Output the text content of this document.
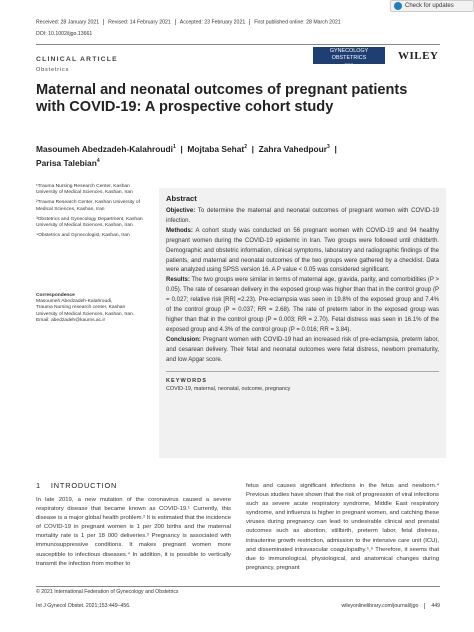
Received: 28 January 2021 Revised: 14 February 2021 Accepted: 23 February 2021 First published online: 28 March 2021
DOI: 10.1002/ijgo.13661
Check for updates
CLINICAL ARTICLE
Obstetrics
GYNECOLOGY
OBSTETRICS
FIGO
WILEY
Maternal and neonatal outcomes of pregnant patients with COVID-19: A prospective cohort study
Masoumeh Abedzadeh-Kalahroudi$^1$  |  Mojtaba Sehat$^2$  |  Zahra Vahedpour$^3$  |
Parisa Talebian$^4$

¹Trauma Nursing Research Center, Kashan University of Medical Sciences, Kashan, Iran

²Trauma Research Center, Kashan University of Medical Sciences, Kashan, Iran

³Obstetrics and Gynecology Department, Kashan University of Medical Sciences, Kashan, Iran

⁴Obstetrics and Gynecologist, Kashan, Iran

Correspondence
Masoumeh Abedzadeh-Kalahroudi,
Trauma Nursing research center, Kashan University of Medical Sciences, Kashan, Iran.
Email: abedzadeh@kaums.ac.ir
Abstract

Objective: To determine the maternal and neonatal outcomes of pregnant women with COVID-19 infection.

Methods: A cohort study was conducted on 56 pregnant women with COVID-19 and 94 healthy pregnant women during the COVID-19 epidemic in Iran. Two groups were followed until childbirth. Demographic and obstetric information, clinical symptoms, laboratory and radiographic findings of the patients, and maternal and neonatal outcomes of the two groups were gathered by a checklist. Data were analyzed using SPSS version 16. A P value < 0.05 was considered significant.

Results: The two groups were similar in terms of maternal age, gravida, parity, and comorbidities (P > 0.05). The rate of cesarean delivery in the exposed group was higher than that in the control group (P = 0.027; relative risk [RR] =2.23). Pre-eclampsia was seen in 19.8% of the exposed group and 7.4% of the control group (P = 0.037; RR = 2.68). The rate of preterm labor in the exposed group was higher than that in the control group (P = 0.003; RR = 2.70). Fetal distress was seen in 16.1% of the exposed group and 4.3% of the control group (P = 0.016; RR = 3.84).

Conclusion: Pregnant women with COVID-19 had an increased risk of pre-eclampsia, preterm labor, and cesarean delivery. Their fetal and neonatal outcomes were fetal distress, newborn prematurity, and low Apgar score.

KEYWORDS
COVID-19, maternal, neonatal, outcome, pregnancy
1 INTRODUCTION

In late 2019, a new mutation of the coronavirus caused a severe respiratory disease that became known as COVID-19.¹ Currently, this disease is a major global health problem.² It is estimated that the incidence of COVID-19 in pregnant women is 1 per 200 births and the maternal mortality rate is 1 per 18 000 deliveries.³ Pregnancy is associated with immunosuppressive conditions. It makes pregnant women more susceptible to infectious diseases.⁴ In addition, it is possible to vertically transmit the infection from mother to

fetus and causes significant infections in the fetus and newborn.⁴ Previous studies have shown that the risk of progression of viral infections such as severe acute respiratory syndrome, Middle East respiratory syndrome, and influenza is higher in pregnant women, and catching these viruses during pregnancy can lead to undesirable clinical and prenatal outcomes such as abortion, stillbirth, preterm labor, fetal distress, intrauterine growth restriction, admission to the intensive care unit (ICU), and disseminated intravascular coagulopathy.⁵,⁶ Therefore, it seems that due to immunological, physiological, and anatomical changes during pregnancy, pregnant

© 2021 International Federation of Gynecology and Obstetrics
Int J Gynecol Obstet. 2021;153:449–456.	wileyonlinelibrary.com/journal/ijgo	449
